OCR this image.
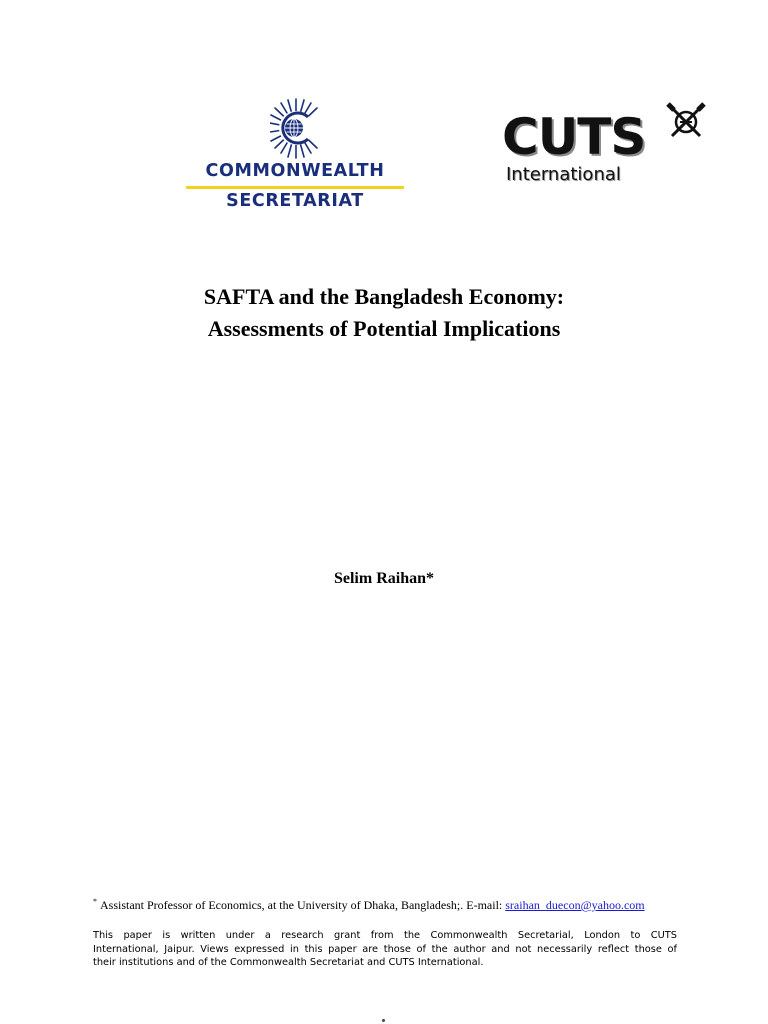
COMMONWEALTH
SECRETARIAT
CUTS
International
SAFTA and the Bangladesh Economy:
Assessments of Potential Implications
Selim Raihan*
* Assistant Professor of Economics, at the University of Dhaka, Bangladesh;. E-mail: sraihan_duecon@yahoo.com
This paper is written under a research grant from the Commonwealth Secretarial, London to CUTS
International, Jaipur. Views expressed in this paper are those of the author and not necessarily reflect those of
their institutions and of the Commonwealth Secretariat and CUTS International.
